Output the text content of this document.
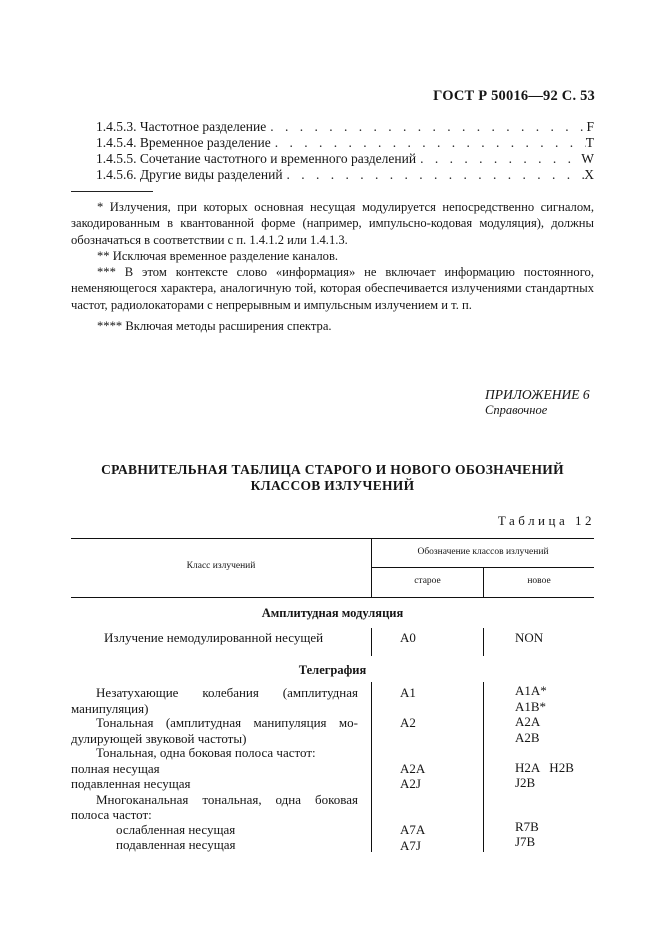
ГОСТ Р 50016—92 С. 53
1.4.5.3. Частотное разделение . . .	F
1.4.5.4. Временное разделение . . .	T
1.4.5.5. Сочетание частотного и временного разделений . . .	W
1.4.5.6. Другие виды разделений . . .	X

* Излучения, при которых основная несущая модулируется непосредственно сигналом, закодированным в квантованной форме (например, импульсно-кодовая модуляция), должны обозначаться в соответствии с п. 1.4.1.2 или 1.4.1.3.

** Исключая временное разделение каналов.

*** В этом контексте слово «информация» не включает информацию постоянного, неменяющегося характера, аналогичную той, которая обеспечивается излучениями стандартных частот, радиолокаторами с непрерывным и импульсным излучением и т. п.

**** Включая методы расширения спектра.

ПРИЛОЖЕНИЕ 6
Справочное
СРАВНИТЕЛЬНАЯ ТАБЛИЦА СТАРОГО И НОВОГО ОБОЗНАЧЕНИЙ
КЛАССОВ ИЗЛУЧЕНИЙ
Таблица 12
Класс излучений
Обозначение классов излучений
старое	новое
Амплитудная модуляция
Излучение немодулированной несущей	A0	NON
Телеграфия
Незатухающие колебания (амплитудная
манипуляция)
A1	A1A*
A1B*
Тональная (амплитудная манипуляция мо-
дулирующей звуковой частоты)
A2	A2A
A2B
Тональная, одна боковая полоса частот:
полная несущая	A2A	H2A   H2B
подавленная несущая	A2J	J2B
Многоканальная тональная, одна боковая
полоса частот:
ослабленная несущая	A7A	R7B
подавленная несущая	A7J	J7B
